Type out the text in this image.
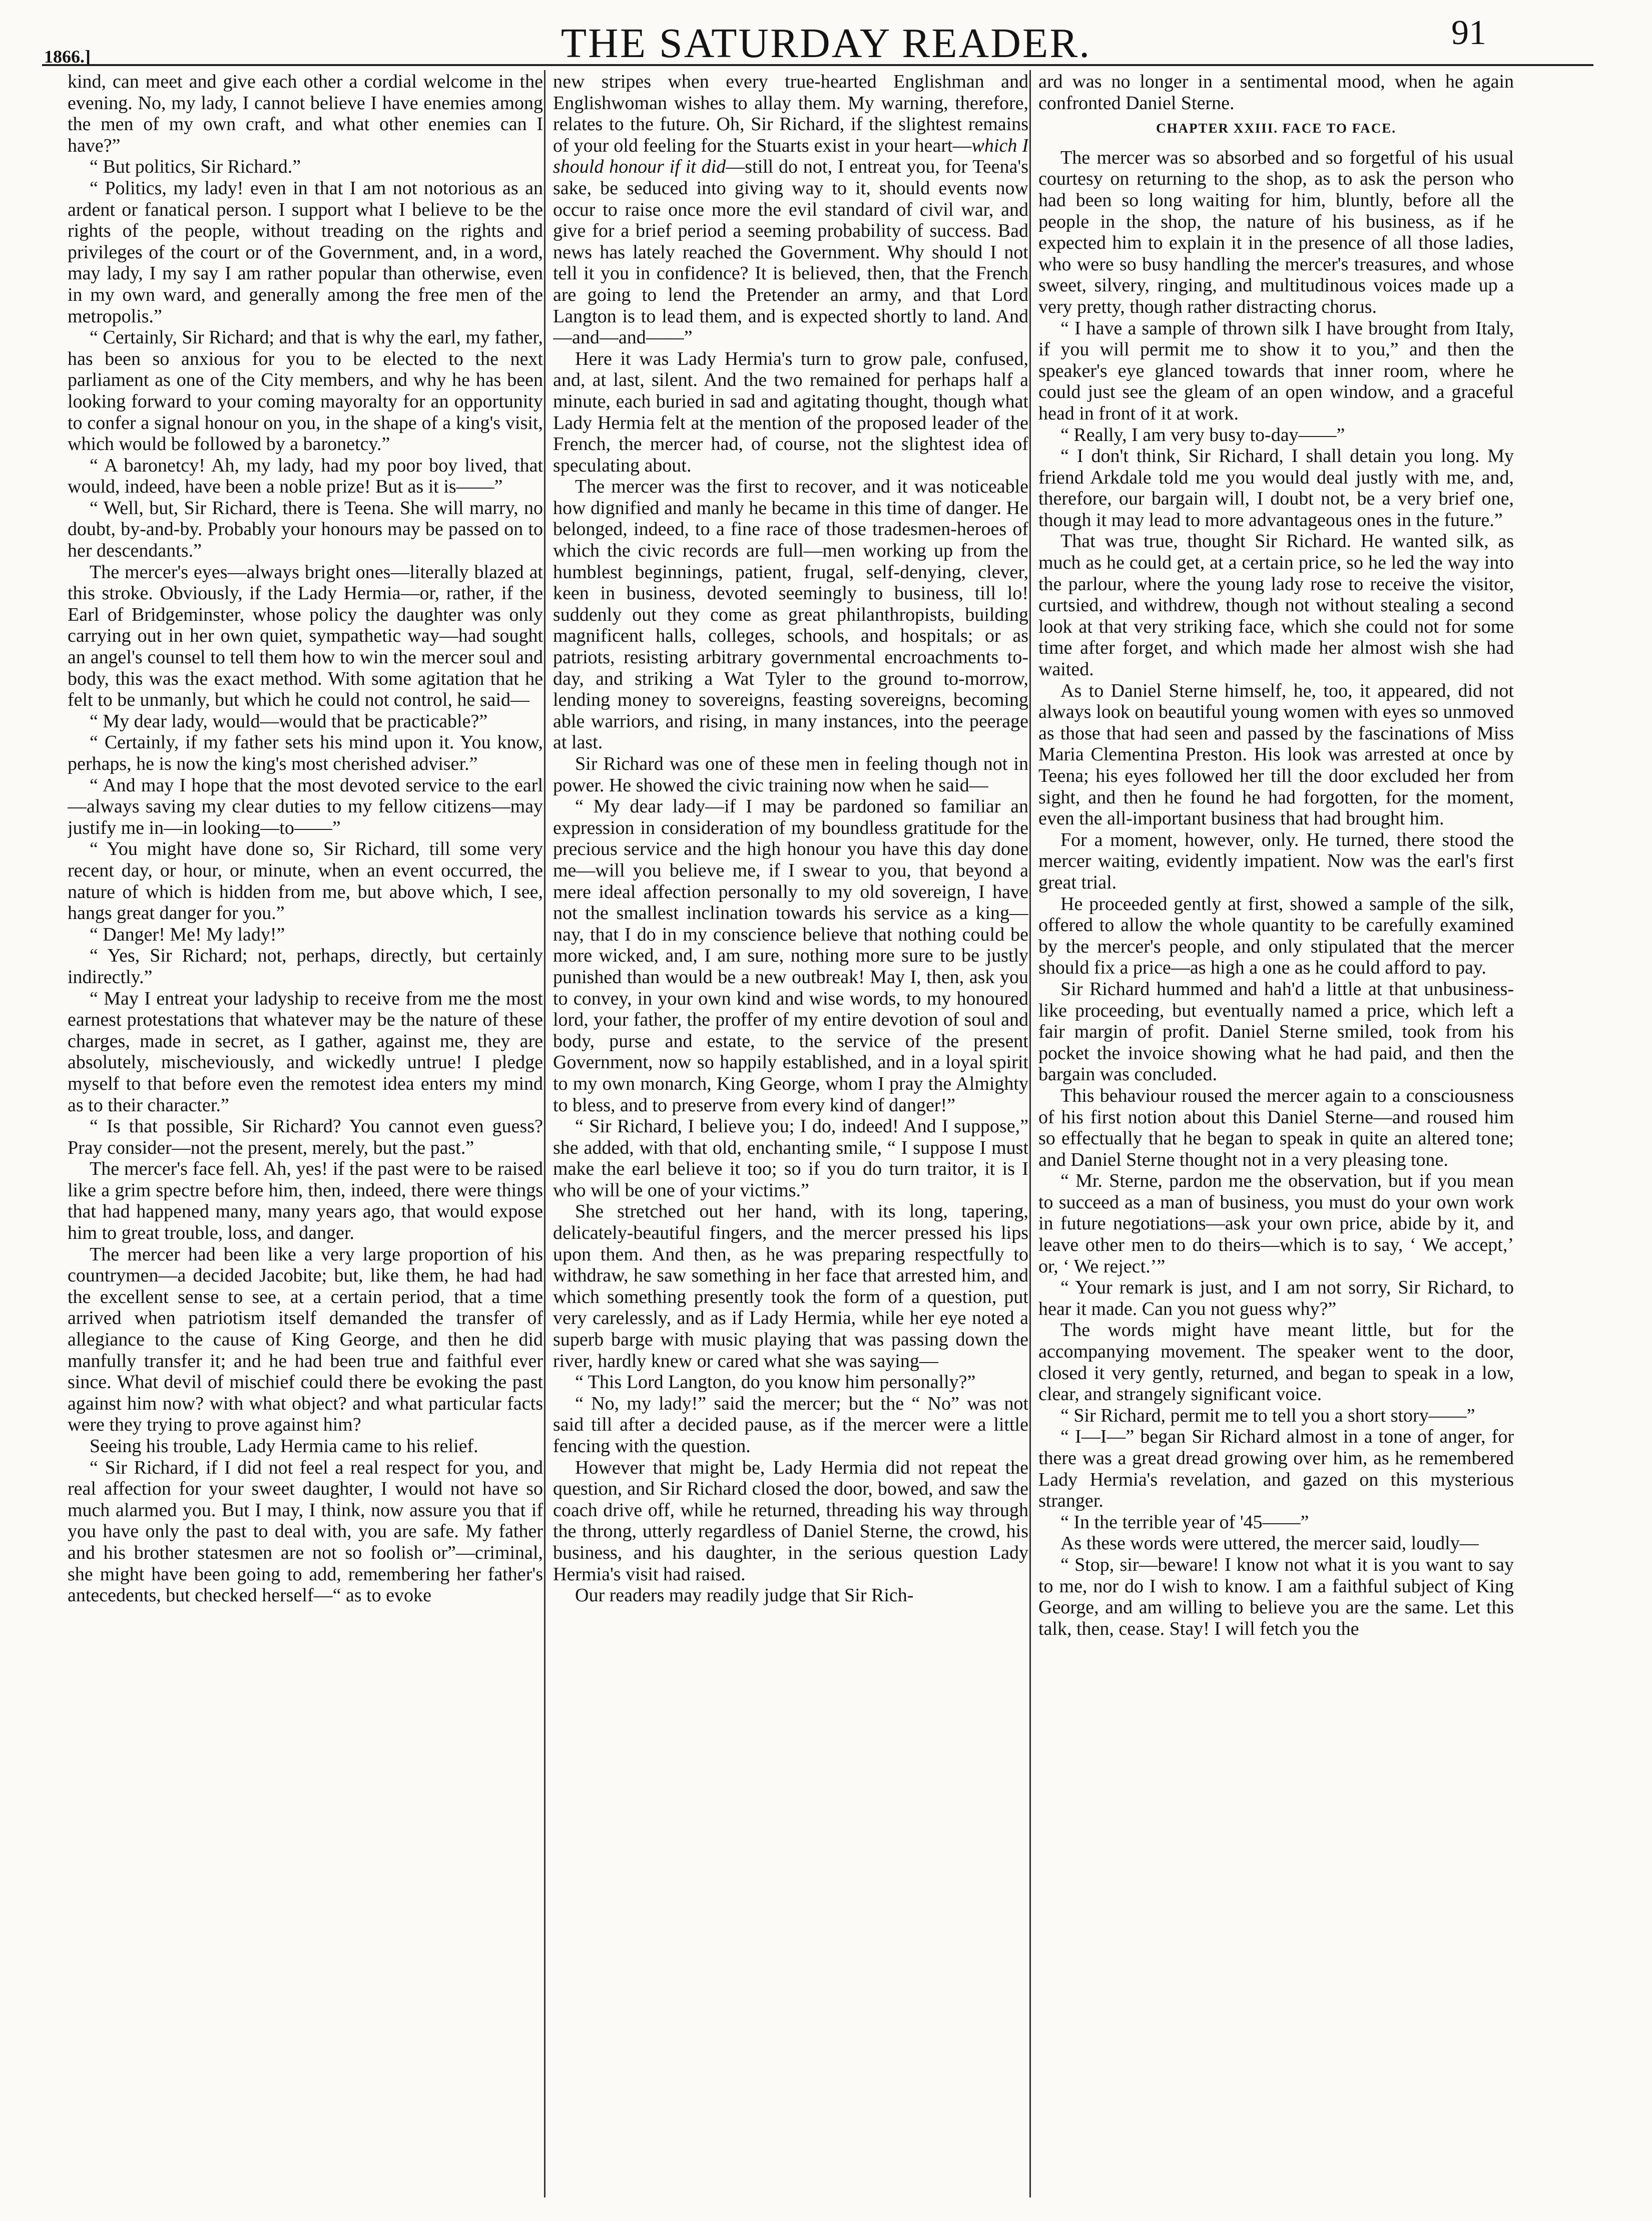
1866.]	THE SATURDAY READER.	91

kind, can meet and give each other a cordial welcome in the evening. No, my lady, I cannot believe I have enemies among the men of my own craft, and what other enemies can I have?”

“ But politics, Sir Richard.”

“ Politics, my lady! even in that I am not notorious as an ardent or fanatical person. I support what I believe to be the rights of the people, without treading on the rights and privileges of the court or of the Government, and, in a word, may lady, I my say I am rather popular than otherwise, even in my own ward, and generally among the free men of the metropolis.”

“ Certainly, Sir Richard; and that is why the earl, my father, has been so anxious for you to be elected to the next parliament as one of the City members, and why he has been looking forward to your coming mayoralty for an opportunity to confer a signal honour on you, in the shape of a king's visit, which would be followed by a baronetcy.”

“ A baronetcy! Ah, my lady, had my poor boy lived, that would, indeed, have been a noble prize! But as it is——”

“ Well, but, Sir Richard, there is Teena. She will marry, no doubt, by-and-by. Probably your honours may be passed on to her descendants.”

The mercer's eyes—always bright ones—literally blazed at this stroke. Obviously, if the Lady Hermia—or, rather, if the Earl of Bridgeminster, whose policy the daughter was only carrying out in her own quiet, sympathetic way—had sought an angel's counsel to tell them how to win the mercer soul and body, this was the exact method. With some agitation that he felt to be unmanly, but which he could not control, he said—

“ My dear lady, would—would that be practicable?”

“ Certainly, if my father sets his mind upon it. You know, perhaps, he is now the king's most cherished adviser.”

“ And may I hope that the most devoted service to the earl—always saving my clear duties to my fellow citizens—may justify me in—in looking—to——”

“ You might have done so, Sir Richard, till some very recent day, or hour, or minute, when an event occurred, the nature of which is hidden from me, but above which, I see, hangs great danger for you.”

“ Danger! Me! My lady!”

“ Yes, Sir Richard; not, perhaps, directly, but certainly indirectly.”

“ May I entreat your ladyship to receive from me the most earnest protestations that whatever may be the nature of these charges, made in secret, as I gather, against me, they are absolutely, mischeviously, and wickedly untrue! I pledge myself to that before even the remotest idea enters my mind as to their character.”

“ Is that possible, Sir Richard? You cannot even guess? Pray consider—not the present, merely, but the past.”

The mercer's face fell. Ah, yes! if the past were to be raised like a grim spectre before him, then, indeed, there were things that had happened many, many years ago, that would expose him to great trouble, loss, and danger.

The mercer had been like a very large proportion of his countrymen—a decided Jacobite; but, like them, he had had the excellent sense to see, at a certain period, that a time arrived when patriotism itself demanded the transfer of allegiance to the cause of King George, and then he did manfully transfer it; and he had been true and faithful ever since. What devil of mischief could there be evoking the past against him now? with what object? and what particular facts were they trying to prove against him?

Seeing his trouble, Lady Hermia came to his relief.

“ Sir Richard, if I did not feel a real respect for you, and real affection for your sweet daughter, I would not have so much alarmed you. But I may, I think, now assure you that if you have only the past to deal with, you are safe. My father and his brother statesmen are not so foolish or”—criminal, she might have been going to add, remembering her father's antecedents, but checked herself—“ as to evoke

new stripes when every true-hearted Englishman and Englishwoman wishes to allay them. My warning, therefore, relates to the future. Oh, Sir Richard, if the slightest remains of your old feeling for the Stuarts exist in your heart—which I should honour if it did—still do not, I entreat you, for Teena's sake, be seduced into giving way to it, should events now occur to raise once more the evil standard of civil war, and give for a brief period a seeming probability of success. Bad news has lately reached the Government. Why should I not tell it you in confidence? It is believed, then, that the French are going to lend the Pretender an army, and that Lord Langton is to lead them, and is expected shortly to land. And—and—and——”

Here it was Lady Hermia's turn to grow pale, confused, and, at last, silent. And the two remained for perhaps half a minute, each buried in sad and agitating thought, though what Lady Hermia felt at the mention of the proposed leader of the French, the mercer had, of course, not the slightest idea of speculating about.

The mercer was the first to recover, and it was noticeable how dignified and manly he became in this time of danger. He belonged, indeed, to a fine race of those tradesmen-heroes of which the civic records are full—men working up from the humblest beginnings, patient, frugal, self-denying, clever, keen in business, devoted seemingly to business, till lo! suddenly out they come as great philanthropists, building magnificent halls, colleges, schools, and hospitals; or as patriots, resisting arbitrary governmental encroachments to-day, and striking a Wat Tyler to the ground to-morrow, lending money to sovereigns, feasting sovereigns, becoming able warriors, and rising, in many instances, into the peerage at last.

Sir Richard was one of these men in feeling though not in power. He showed the civic training now when he said—

“ My dear lady—if I may be pardoned so familiar an expression in consideration of my boundless gratitude for the precious service and the high honour you have this day done me—will you believe me, if I swear to you, that beyond a mere ideal affection personally to my old sovereign, I have not the smallest inclination towards his service as a king—nay, that I do in my conscience believe that nothing could be more wicked, and, I am sure, nothing more sure to be justly punished than would be a new outbreak! May I, then, ask you to convey, in your own kind and wise words, to my honoured lord, your father, the proffer of my entire devotion of soul and body, purse and estate, to the service of the present Government, now so happily established, and in a loyal spirit to my own monarch, King George, whom I pray the Almighty to bless, and to preserve from every kind of danger!”

“ Sir Richard, I believe you; I do, indeed! And I suppose,” she added, with that old, enchanting smile, “ I suppose I must make the earl believe it too; so if you do turn traitor, it is I who will be one of your victims.”

She stretched out her hand, with its long, tapering, delicately-beautiful fingers, and the mercer pressed his lips upon them. And then, as he was preparing respectfully to withdraw, he saw something in her face that arrested him, and which something presently took the form of a question, put very carelessly, and as if Lady Hermia, while her eye noted a superb barge with music playing that was passing down the river, hardly knew or cared what she was saying—

“ This Lord Langton, do you know him personally?”

“ No, my lady!” said the mercer; but the “ No” was not said till after a decided pause, as if the mercer were a little fencing with the question.

However that might be, Lady Hermia did not repeat the question, and Sir Richard closed the door, bowed, and saw the coach drive off, while he returned, threading his way through the throng, utterly regardless of Daniel Sterne, the crowd, his business, and his daughter, in the serious question Lady Hermia's visit had raised.

Our readers may readily judge that Sir Rich-

ard was no longer in a sentimental mood, when he again confronted Daniel Sterne.

CHAPTER XXIII. FACE TO FACE.

The mercer was so absorbed and so forgetful of his usual courtesy on returning to the shop, as to ask the person who had been so long waiting for him, bluntly, before all the people in the shop, the nature of his business, as if he expected him to explain it in the presence of all those ladies, who were so busy handling the mercer's treasures, and whose sweet, silvery, ringing, and multitudinous voices made up a very pretty, though rather distracting chorus.

“ I have a sample of thrown silk I have brought from Italy, if you will permit me to show it to you,” and then the speaker's eye glanced towards that inner room, where he could just see the gleam of an open window, and a graceful head in front of it at work.

“ Really, I am very busy to-day——”

“ I don't think, Sir Richard, I shall detain you long. My friend Arkdale told me you would deal justly with me, and, therefore, our bargain will, I doubt not, be a very brief one, though it may lead to more advantageous ones in the future.”

That was true, thought Sir Richard. He wanted silk, as much as he could get, at a certain price, so he led the way into the parlour, where the young lady rose to receive the visitor, curtsied, and withdrew, though not without stealing a second look at that very striking face, which she could not for some time after forget, and which made her almost wish she had waited.

As to Daniel Sterne himself, he, too, it appeared, did not always look on beautiful young women with eyes so unmoved as those that had seen and passed by the fascinations of Miss Maria Clementina Preston. His look was arrested at once by Teena; his eyes followed her till the door excluded her from sight, and then he found he had forgotten, for the moment, even the all-important business that had brought him.

For a moment, however, only. He turned, there stood the mercer waiting, evidently impatient. Now was the earl's first great trial.

He proceeded gently at first, showed a sample of the silk, offered to allow the whole quantity to be carefully examined by the mercer's people, and only stipulated that the mercer should fix a price—as high a one as he could afford to pay.

Sir Richard hummed and hah'd a little at that unbusiness-like proceeding, but eventually named a price, which left a fair margin of profit. Daniel Sterne smiled, took from his pocket the invoice showing what he had paid, and then the bargain was concluded.

This behaviour roused the mercer again to a consciousness of his first notion about this Daniel Sterne—and roused him so effectually that he began to speak in quite an altered tone; and Daniel Sterne thought not in a very pleasing tone.

“ Mr. Sterne, pardon me the observation, but if you mean to succeed as a man of business, you must do your own work in future negotiations—ask your own price, abide by it, and leave other men to do theirs—which is to say, ‘ We accept,’ or, ‘ We reject.’”

“ Your remark is just, and I am not sorry, Sir Richard, to hear it made. Can you not guess why?”

The words might have meant little, but for the accompanying movement. The speaker went to the door, closed it very gently, returned, and began to speak in a low, clear, and strangely significant voice.

“ Sir Richard, permit me to tell you a short story——”

“ I—I—” began Sir Richard almost in a tone of anger, for there was a great dread growing over him, as he remembered Lady Hermia's revelation, and gazed on this mysterious stranger.

“ In the terrible year of '45——”

As these words were uttered, the mercer said, loudly—

“ Stop, sir—beware! I know not what it is you want to say to me, nor do I wish to know. I am a faithful subject of King George, and am willing to believe you are the same. Let this talk, then, cease. Stay! I will fetch you the
